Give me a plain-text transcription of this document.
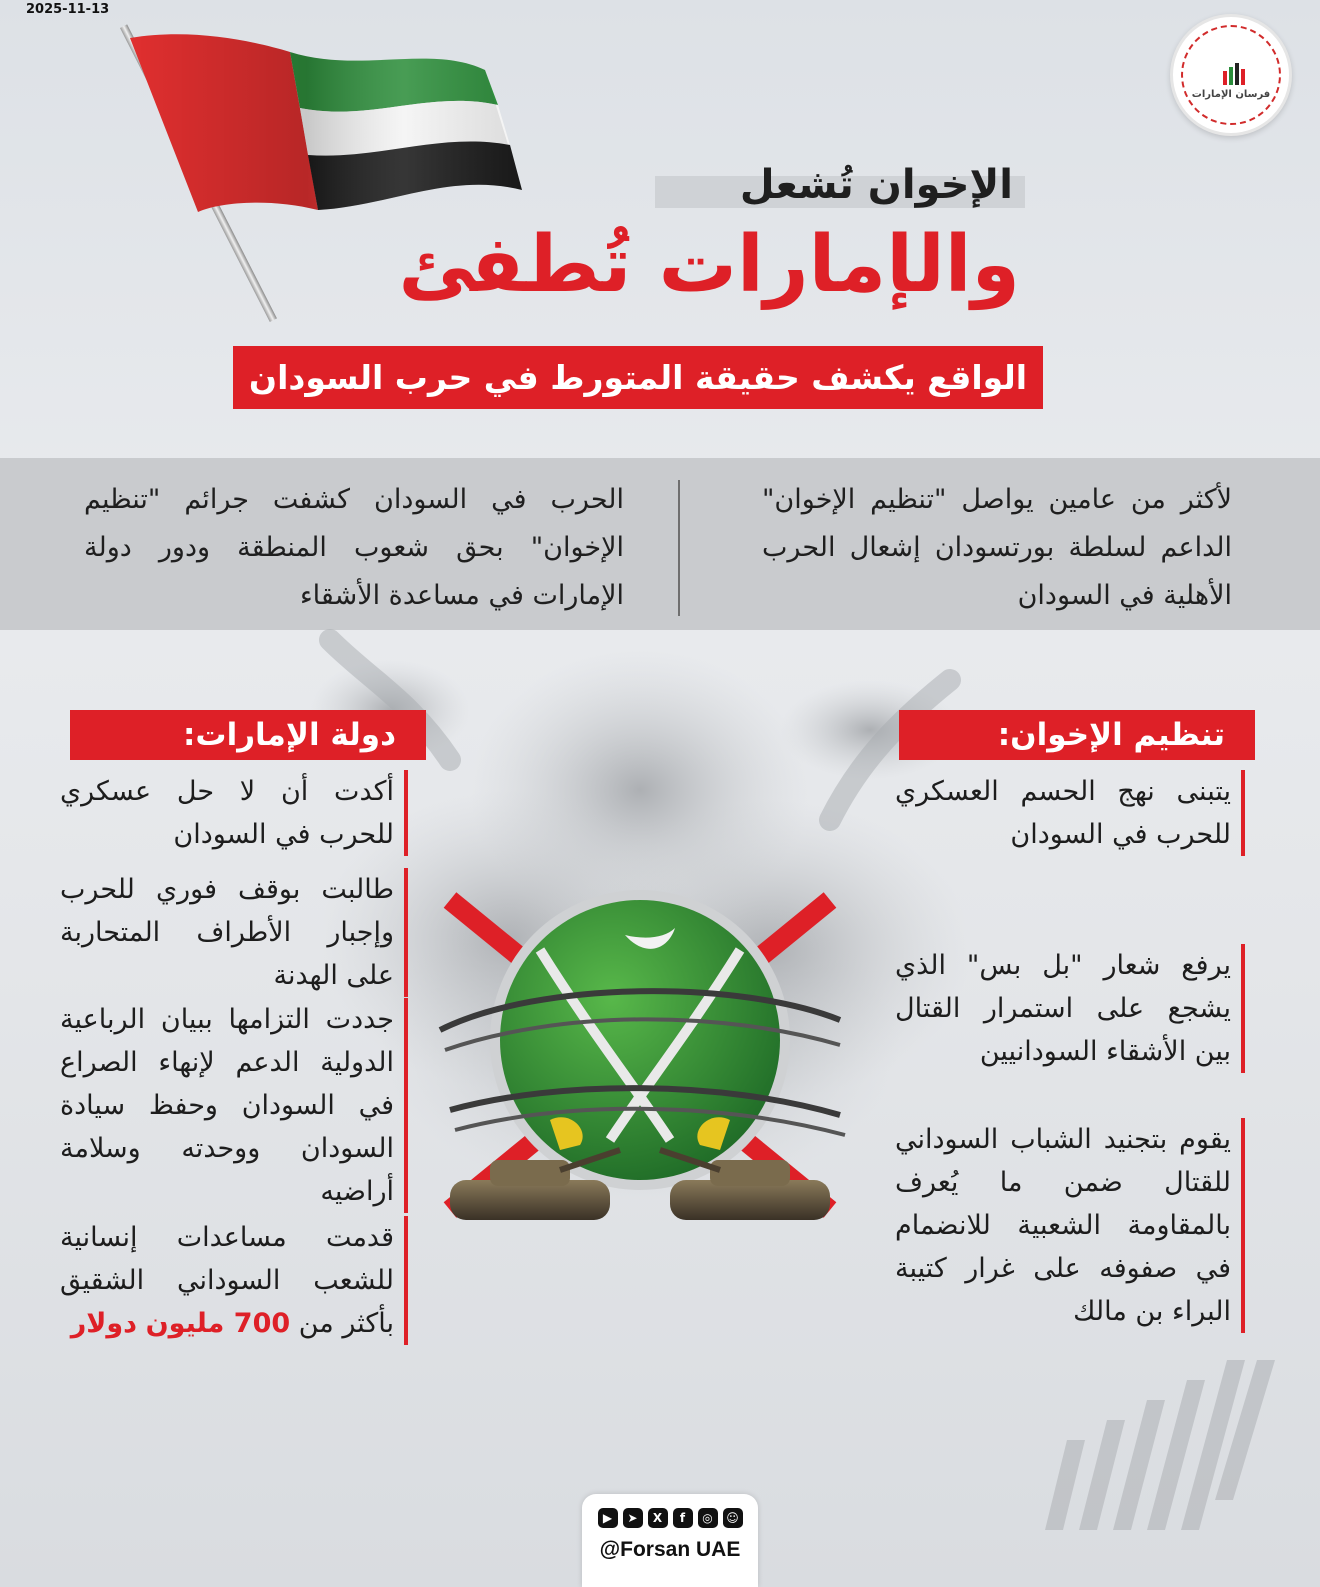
2025-11-13
فرسان الإمارات
الإخوان تُشعل
والإمارات تُطفئ
الواقع يكشف حقيقة المتورط في حرب السودان
لأكثر من عامين يواصل "تنظيم الإخوان" الداعم لسلطة بورتسودان إشعال الحرب الأهلية في السودان
الحرب في السودان كشفت جرائم "تنظيم الإخوان" بحق شعوب المنطقة ودور دولة الإمارات في مساعدة الأشقاء
تنظيم الإخوان:
دولة الإمارات:
يتبنى نهج الحسم العسكري للحرب في السودان
يرفع شعار "بل بس" الذي يشجع على استمرار القتال بين الأشقاء السودانيين
يقوم بتجنيد الشباب السوداني للقتال ضمن ما يُعرف بالمقاومة الشعبية للانضمام في صفوفه على غرار كتيبة البراء بن مالك
أكدت أن لا حل عسكري للحرب في السودان
طالبت بوقف فوري للحرب وإجبار الأطراف المتحاربة على الهدنة
جددت التزامها ببيان الرباعية الدولية الدعم لإنهاء الصراع في السودان وحفظ سيادة السودان ووحدته وسلامة أراضيه
قدمت مساعدات إنسانية للشعب السوداني الشقيق بأكثر من 700 مليون دولار
▶	➤	X	f	◎	☺
@Forsan UAE
